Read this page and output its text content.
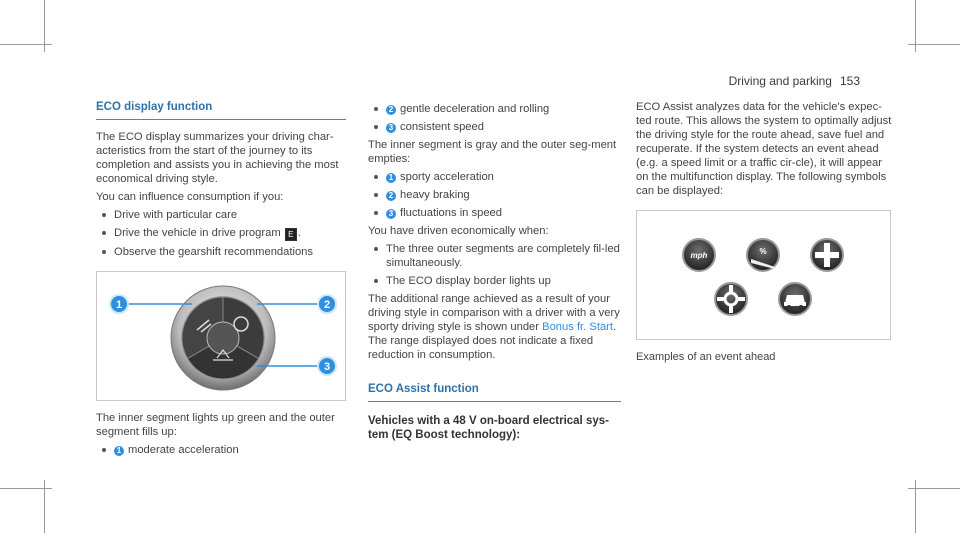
Driving and parking 153
ECO display function

The ECO display summarizes your driving char-acteristics from the start of the journey to its completion and assists you in achieving the most economical driving style.

You can influence consumption if you:

Drive with particular care
Drive the vehicle in drive program E .
Observe the gearshift recommendations
1	2
3

The inner segment lights up green and the outer segment fills up:

1 moderate acceleration
2 gentle deceleration and rolling
3 consistent speed

The inner segment is gray and the outer seg-ment empties:

1 sporty acceleration
2 heavy braking
3 fluctuations in speed

You have driven economically when:

The three outer segments are completely fil-led simultaneously.
The ECO display border lights up

The additional range achieved as a result of your driving style in comparison with a driver with a very sporty driving style is shown under Bonus fr. Start. The range displayed does not indicate a fixed reduction in consumption.

ECO Assist function
Vehicles with a 48 V on-board electrical sys-tem (EQ Boost technology):

ECO Assist analyzes data for the vehicle's expec-ted route. This allows the system to optimally adjust the driving style for the route ahead, save fuel and recuperate. If the system detects an event ahead (e.g. a speed limit or a traffic cir-cle), it will appear on the multifunction display. The following symbols can be displayed:

mph	%
Examples of an event ahead
